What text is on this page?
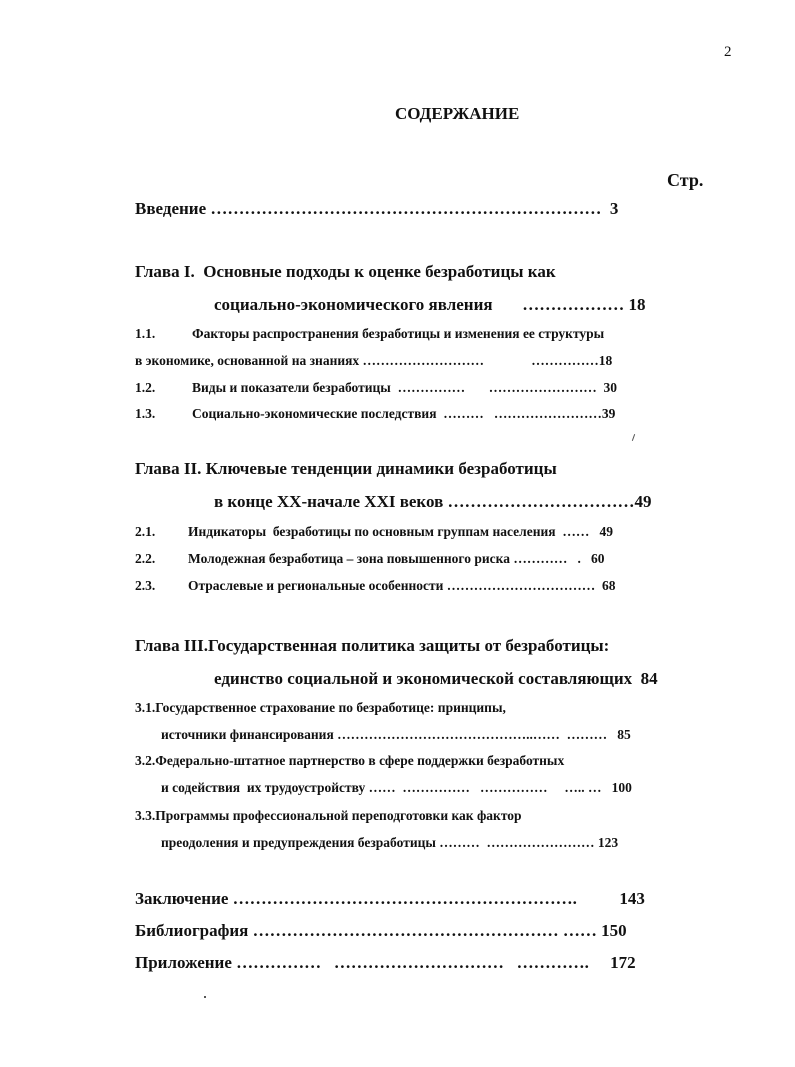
2
СОДЕРЖАНИЕ
Стр.
Введение ……………………………………………………………  3
Глава I.  Основные подходы к оценке безработицы как
социально-экономического явления       ……………… 18
1.1.	Факторы распространения безработицы и изменения ее структуры
в экономике, основанной на знаниях ………………………              ……………18
1.2.	Виды и показатели безработицы  ……………       ……………………  30
1.3.	Социально-экономические последствия  ………   ……………………39
Глава II. Ключевые тенденции динамики безработицы
в конце XX-начале XXI веков ……………………………49
2.1. Индикаторы  безработицы по основным группам населения  ……   49
2.2. Молодежная безработица – зона повышенного риска …………   .   60
2.3. Отраслевые и региональные особенности ……………………………  68
Глава III.Государственная политика защиты от безработицы:
единство социальной и экономической составляющих  84
3.1.Государственное страхование по безработице: принципы,
источники финансирования ……………………………………..……  ………   85
3.2.Федерально-штатное партнерство в сфере поддержки безработных
и содействия  их трудоустройству ……  ……………   ……………     ….. …   100
3.3.Программы профессиональной переподготовки как фактор
преодоления и предупреждения безработицы ………  …………………… 123
Заключение …………………………………………………….          143
Библиография ……………………………………………… …… 150
Приложение ……………   …………………………   ………….     172
